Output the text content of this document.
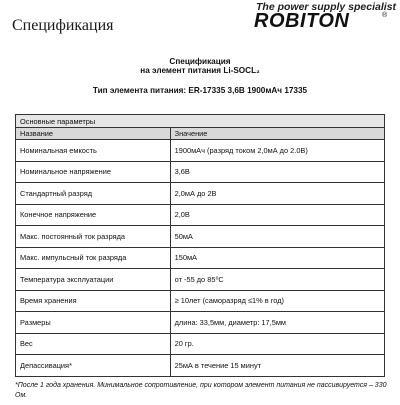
Спецификация
The power supply specialist
ROBITON	®
Спецификация
на элемент питания Li-SOCL₂
Тип элемента питания: ER-17335 3,6В 1900мАч 17335
Основные параметры	
Название	Значение
Номинальная емкость	1900мАч (разряд током 2,0мА до 2.0В)
Номинальное напряжение	3,6В
Стандартный разряд	2,0мА до 2В
Конечное напряжение	2,0В
Макс. постоянный ток разряда	50мА
Макс. импульсный ток разряда	150мА
Температура эксплуатации	от -55 до 85⁰С
Время хранения	≥ 10лет (саморазряд ≤1% в год)
Размеры	длина: 33,5мм, диаметр: 17,5мм
Вес	20 гр.
Депассивация*	25мА в течение 15 минут
*После 1 года хранения. Минимальное сопротивление, при котором элемент питания не пассивируется – 330 Ом.
